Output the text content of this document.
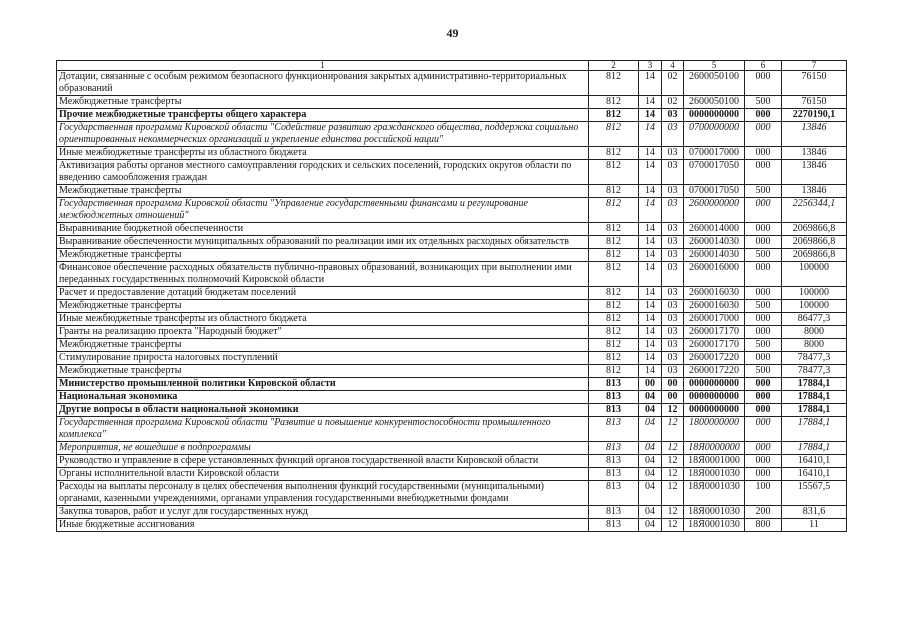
49
1	2	3	4	5	6	7
Дотации, связанные с особым режимом безопасного функционирования закрытых административно-территориальных образований	812	14	02	2600050100	000	76150
Межбюджетные трансферты	812	14	02	2600050100	500	76150
Прочие межбюджетные трансферты общего характера	812	14	03	0000000000	000	2270190,1
Государственная программа Кировской области "Содействие развитию гражданского общества, поддержка социально ориентированных некоммерческих организаций и укрепление единства российской нации"	812	14	03	0700000000	000	13846
Иные межбюджетные трансферты из областного бюджета	812	14	03	0700017000	000	13846
Активизация работы органов местного самоуправления городских и сельских поселений, городских округов области по введению самообложения граждан	812	14	03	0700017050	000	13846
Межбюджетные трансферты	812	14	03	0700017050	500	13846
Государственная программа Кировской области "Управление государственными финансами и регулирование межбюджетных отношений"	812	14	03	2600000000	000	2256344,1
Выравнивание бюджетной обеспеченности	812	14	03	2600014000	000	2069866,8
Выравнивание обеспеченности муниципальных образований по реализации ими их отдельных расходных обязательств	812	14	03	2600014030	000	2069866,8
Межбюджетные трансферты	812	14	03	2600014030	500	2069866,8
Финансовое обеспечение расходных обязательств публично-правовых образований, возникающих при выполнении ими переданных государственных полномочий Кировской области	812	14	03	2600016000	000	100000
Расчет и предоставление дотаций бюджетам поселений	812	14	03	2600016030	000	100000
Межбюджетные трансферты	812	14	03	2600016030	500	100000
Иные межбюджетные трансферты из областного бюджета	812	14	03	2600017000	000	86477,3
Гранты на реализацию проекта "Народный бюджет"	812	14	03	2600017170	000	8000
Межбюджетные трансферты	812	14	03	2600017170	500	8000
Стимулирование прироста налоговых поступлений	812	14	03	2600017220	000	78477,3
Межбюджетные трансферты	812	14	03	2600017220	500	78477,3
Министерство промышленной политики Кировской области	813	00	00	0000000000	000	17884,1
Национальная экономика	813	04	00	0000000000	000	17884,1
Другие вопросы в области национальной экономики	813	04	12	0000000000	000	17884,1
Государственная программа Кировской области "Развитие и повышение конкурентоспособности промышленного комплекса"	813	04	12	1800000000	000	17884,1
Мероприятия, не вошедшие в подпрограммы	813	04	12	18Я0000000	000	17884,1
Руководство и управление в сфере установленных функций органов государственной власти Кировской области	813	04	12	18Я0001000	000	16410,1
Органы исполнительной власти Кировской области	813	04	12	18Я0001030	000	16410,1
Расходы на выплаты персоналу в целях обеспечения выполнения функций государственными (муниципальными) органами, казенными учреждениями, органами управления государственными внебюджетными фондами	813	04	12	18Я0001030	100	15567,5
Закупка товаров, работ и услуг для государственных нужд	813	04	12	18Я0001030	200	831,6
Иные бюджетные ассигнования	813	04	12	18Я0001030	800	11
